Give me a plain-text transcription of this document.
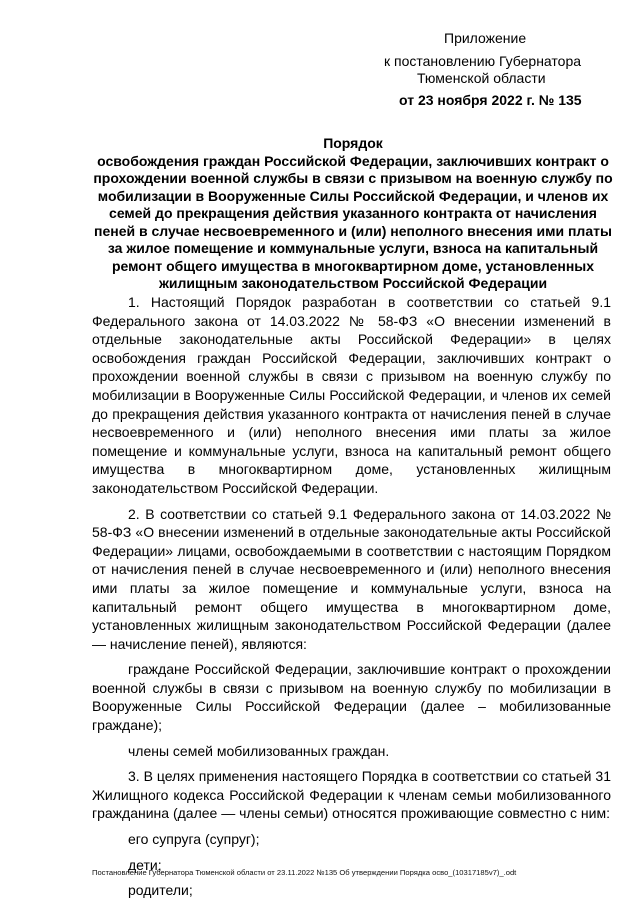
Приложение
к постановлению Губернатора
Тюменской области
от 23 ноября 2022 г. № 135
Порядок
освобождения граждан Российской Федерации, заключивших контракт о прохождении военной службы в связи с призывом на военную службу по мобилизации в Вооруженные Силы Российской Федерации, и членов их семей до прекращения действия указанного контракта от начисления пеней в случае несвоевременного и (или) неполного внесения ими платы за жилое помещение и коммунальные услуги, взноса на капитальный ремонт общего имущества в многоквартирном доме, установленных жилищным законодательством Российской Федерации

1. Настоящий Порядок разработан в соответствии со статьей 9.1 Федерального закона от 14.03.2022 № 58-ФЗ «О внесении изменений в отдельные законодательные акты Российской Федерации» в целях освобождения граждан Российской Федерации, заключивших контракт о прохождении военной службы в связи с призывом на военную службу по мобилизации в Вооруженные Силы Российской Федерации, и членов их семей до прекращения действия указанного контракта от начисления пеней в случае несвоевременного и (или) неполного внесения ими платы за жилое помещение и коммунальные услуги, взноса на капитальный ремонт общего имущества в многоквартирном доме, установленных жилищным законодательством Российской Федерации.

2. В соответствии со статьей 9.1 Федерального закона от 14.03.2022 № 58-ФЗ «О внесении изменений в отдельные законодательные акты Российской Федерации» лицами, освобождаемыми в соответствии с настоящим Порядком от начисления пеней в случае несвоевременного и (или) неполного внесения ими платы за жилое помещение и коммунальные услуги, взноса на капитальный ремонт общего имущества в многоквартирном доме, установленных жилищным законодательством Российской Федерации (далее — начисление пеней), являются:

граждане Российской Федерации, заключившие контракт о прохождении военной службы в связи с призывом на военную службу по мобилизации в Вооруженные Силы Российской Федерации (далее – мобилизованные граждане);

члены семей мобилизованных граждан.

3. В целях применения настоящего Порядка в соответствии со статьей 31 Жилищного кодекса Российской Федерации к членам семьи мобилизованного гражданина (далее — члены семьи) относятся проживающие совместно с ним:

его супруга (супруг);

дети;

родители;

Постановление Губернатора Тюменской области от 23.11.2022 №135 Об утверждении Порядка осво_(10317185v7)_.odt
